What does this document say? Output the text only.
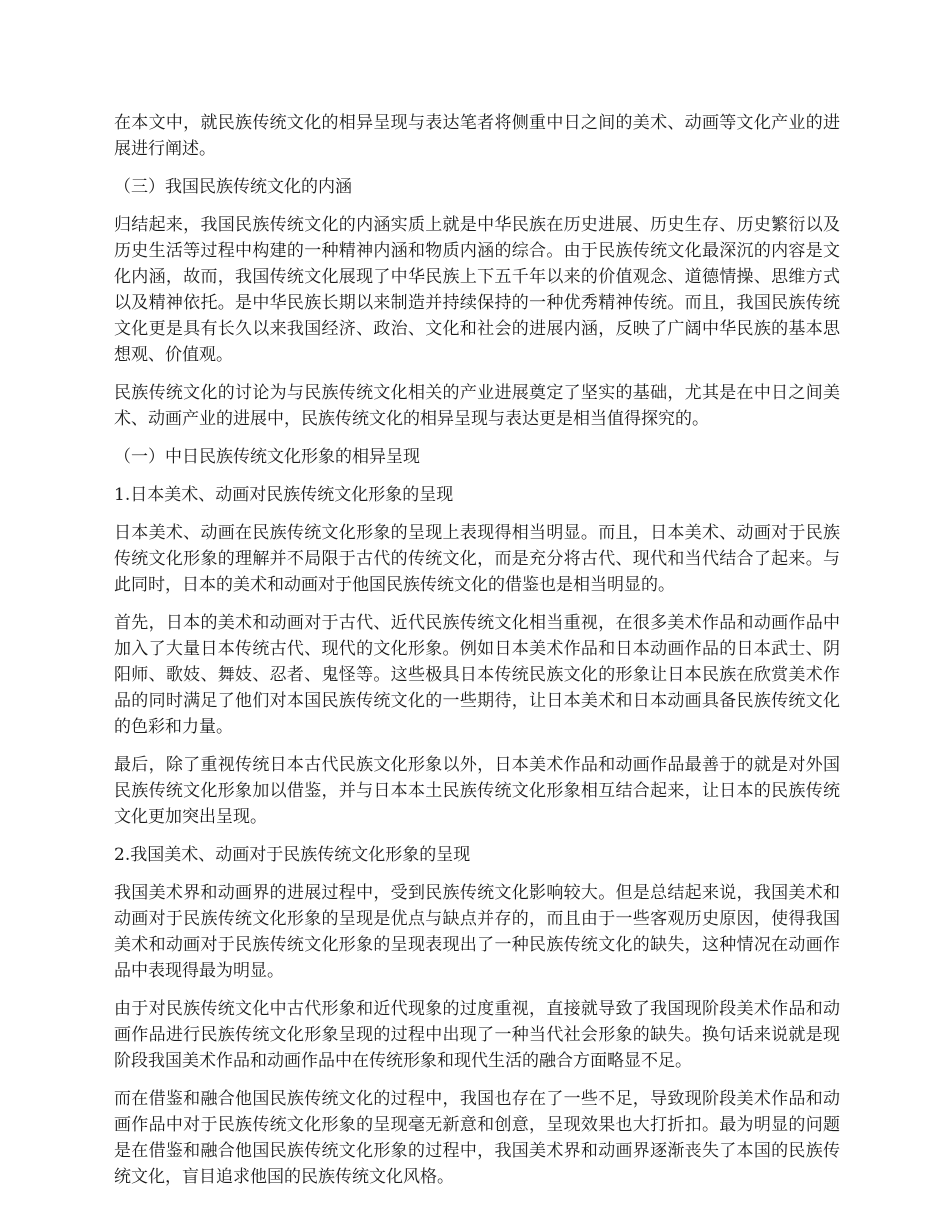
在本文中，就民族传统文化的相异呈现与表达笔者将侧重中日之间的美术、动画等文化产业的进展进行阐述。

（三）我国民族传统文化的内涵

归结起来，我国民族传统文化的内涵实质上就是中华民族在历史进展、历史生存、历史繁衍以及历史生活等过程中构建的一种精神内涵和物质内涵的综合。由于民族传统文化最深沉的内容是文化内涵，故而，我国传统文化展现了中华民族上下五千年以来的价值观念、道德情操、思维方式以及精神依托。是中华民族长期以来制造并持续保持的一种优秀精神传统。而且，我国民族传统文化更是具有长久以来我国经济、政治、文化和社会的进展内涵，反映了广阔中华民族的基本思想观、价值观。

民族传统文化的讨论为与民族传统文化相关的产业进展奠定了坚实的基础，尤其是在中日之间美术、动画产业的进展中，民族传统文化的相异呈现与表达更是相当值得探究的。

（一）中日民族传统文化形象的相异呈现

1.日本美术、动画对民族传统文化形象的呈现

日本美术、动画在民族传统文化形象的呈现上表现得相当明显。而且，日本美术、动画对于民族传统文化形象的理解并不局限于古代的传统文化，而是充分将古代、现代和当代结合了起来。与此同时，日本的美术和动画对于他国民族传统文化的借鉴也是相当明显的。

首先，日本的美术和动画对于古代、近代民族传统文化相当重视，在很多美术作品和动画作品中加入了大量日本传统古代、现代的文化形象。例如日本美术作品和日本动画作品的日本武士、阴阳师、歌妓、舞妓、忍者、鬼怪等。这些极具日本传统民族文化的形象让日本民族在欣赏美术作品的同时满足了他们对本国民族传统文化的一些期待，让日本美术和日本动画具备民族传统文化的色彩和力量。

最后，除了重视传统日本古代民族文化形象以外，日本美术作品和动画作品最善于的就是对外国民族传统文化形象加以借鉴，并与日本本土民族传统文化形象相互结合起来，让日本的民族传统文化更加突出呈现。

2.我国美术、动画对于民族传统文化形象的呈现

我国美术界和动画界的进展过程中，受到民族传统文化影响较大。但是总结起来说，我国美术和动画对于民族传统文化形象的呈现是优点与缺点并存的，而且由于一些客观历史原因，使得我国美术和动画对于民族传统文化形象的呈现表现出了一种民族传统文化的缺失，这种情况在动画作品中表现得最为明显。

由于对民族传统文化中古代形象和近代现象的过度重视，直接就导致了我国现阶段美术作品和动画作品进行民族传统文化形象呈现的过程中出现了一种当代社会形象的缺失。换句话来说就是现阶段我国美术作品和动画作品中在传统形象和现代生活的融合方面略显不足。

而在借鉴和融合他国民族传统文化的过程中，我国也存在了一些不足，导致现阶段美术作品和动画作品中对于民族传统文化形象的呈现毫无新意和创意，呈现效果也大打折扣。最为明显的问题是在借鉴和融合他国民族传统文化形象的过程中，我国美术界和动画界逐渐丧失了本国的民族传统文化，盲目追求他国的民族传统文化风格。
